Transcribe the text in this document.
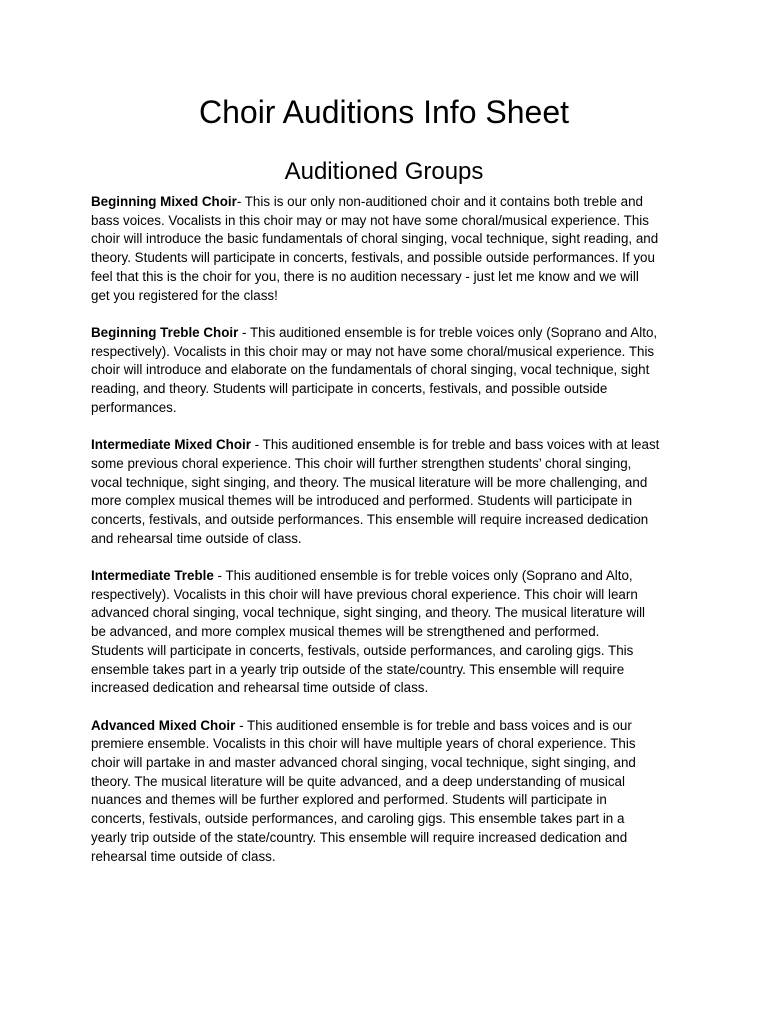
Choir Auditions Info Sheet
Auditioned Groups

Beginning Mixed Choir- This is our only non-auditioned choir and it contains both treble and
bass voices. Vocalists in this choir may or may not have some choral/musical experience. This
choir will introduce the basic fundamentals of choral singing, vocal technique, sight reading, and
theory. Students will participate in concerts, festivals, and possible outside performances. If you
feel that this is the choir for you, there is no audition necessary - just let me know and we will
get you registered for the class!

Beginning Treble Choir - This auditioned ensemble is for treble voices only (Soprano and Alto,
respectively). Vocalists in this choir may or may not have some choral/musical experience. This
choir will introduce and elaborate on the fundamentals of choral singing, vocal technique, sight
reading, and theory. Students will participate in concerts, festivals, and possible outside
performances.

Intermediate Mixed Choir - This auditioned ensemble is for treble and bass voices with at least
some previous choral experience. This choir will further strengthen students’ choral singing,
vocal technique, sight singing, and theory. The musical literature will be more challenging, and
more complex musical themes will be introduced and performed. Students will participate in
concerts, festivals, and outside performances. This ensemble will require increased dedication
and rehearsal time outside of class.

Intermediate Treble - This auditioned ensemble is for treble voices only (Soprano and Alto,
respectively). Vocalists in this choir will have previous choral experience. This choir will learn
advanced choral singing, vocal technique, sight singing, and theory. The musical literature will
be advanced, and more complex musical themes will be strengthened and performed.
Students will participate in concerts, festivals, outside performances, and caroling gigs. This
ensemble takes part in a yearly trip outside of the state/country. This ensemble will require
increased dedication and rehearsal time outside of class.

Advanced Mixed Choir - This auditioned ensemble is for treble and bass voices and is our
premiere ensemble. Vocalists in this choir will have multiple years of choral experience. This
choir will partake in and master advanced choral singing, vocal technique, sight singing, and
theory. The musical literature will be quite advanced, and a deep understanding of musical
nuances and themes will be further explored and performed. Students will participate in
concerts, festivals, outside performances, and caroling gigs. This ensemble takes part in a
yearly trip outside of the state/country. This ensemble will require increased dedication and
rehearsal time outside of class.
